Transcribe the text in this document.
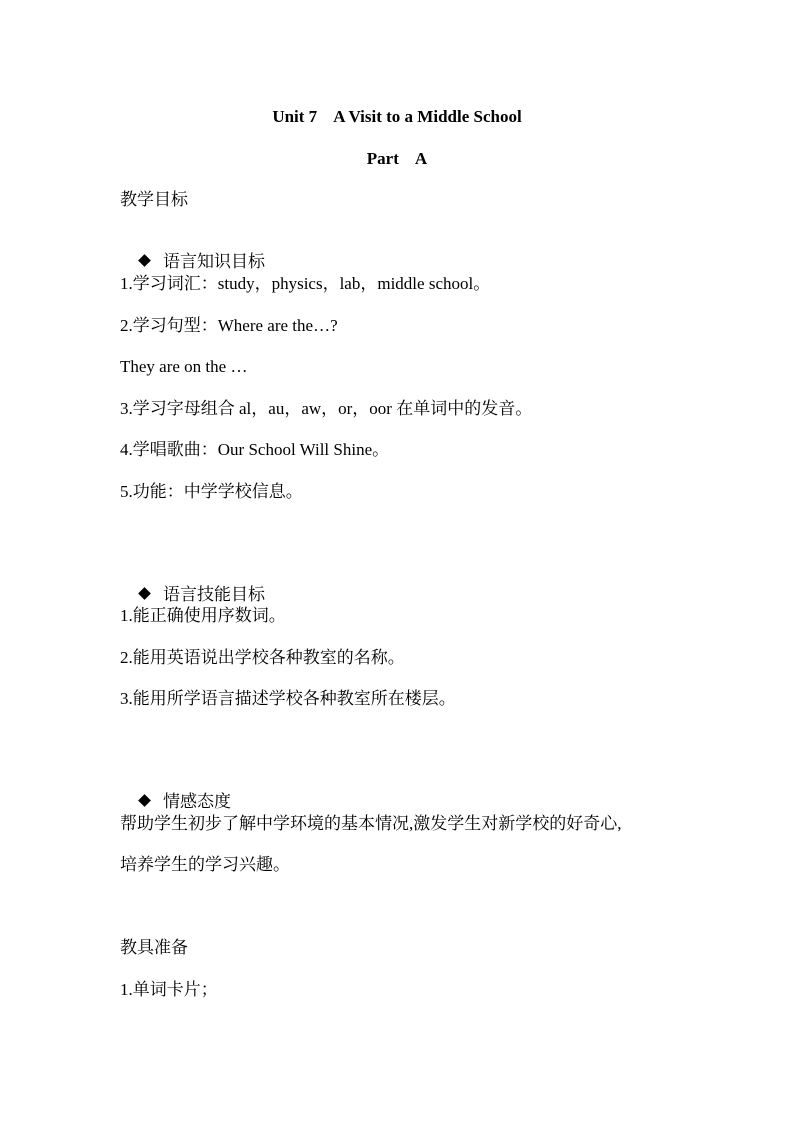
Unit 7    A Visit to a Middle School
Part    A
教学目标

语言知识目标

1.学习词汇：study，physics，lab，middle school。
2.学习句型：Where are the…?
They are on the …
3.学习字母组合 al，au，aw，or，oor 在单词中的发音。
4.学唱歌曲：Our School Will Shine。
5.功能：中学学校信息。

语言技能目标

1.能正确使用序数词。
2.能用英语说出学校各种教室的名称。
3.能用所学语言描述学校各种教室所在楼层。

情感态度

帮助学生初步了解中学环境的基本情况,激发学生对新学校的好奇心,
培养学生的学习兴趣。
教具准备
1.单词卡片；
